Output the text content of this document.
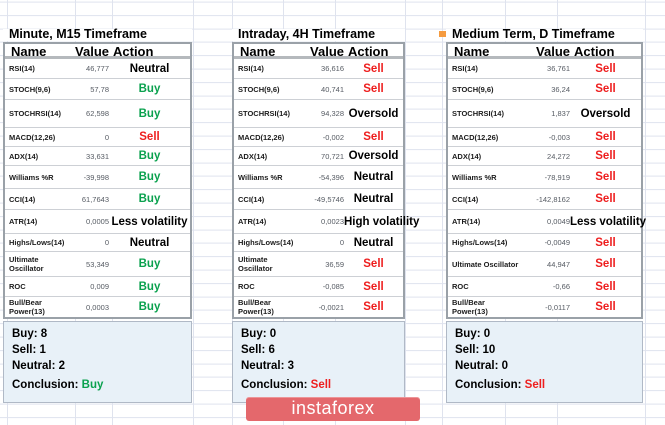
Minute, M15 Timeframe
Name	Value Action
RSI(14)	46,777	Neutral
STOCH(9,6)	57,78	Buy
STOCHRSI(14)	62,598	Buy
MACD(12,26)	0	Sell
ADX(14)	33,631	Buy
Williams %R	-39,998	Buy
CCI(14)	61,7643	Buy
ATR(14)	0,0005 Less volatility
Highs/Lows(14)	0	Neutral
Ultimate Oscillator	53,349	Buy
ROC	0,009	Buy
Bull/Bear Power(13)	0,0003	Buy
Buy: 8
Sell: 1
Neutral: 2
Conclusion: Buy
Intraday, 4H Timeframe
Name	Value Action
RSI(14)	36,616	Sell
STOCH(9,6)	40,741	Sell
STOCHRSI(14)	94,328 Oversold
MACD(12,26)	-0,002	Sell
ADX(14)	70,721 Oversold
Williams %R	-54,396 Neutral
CCI(14)	-49,5746 Neutral
ATR(14)	0,0023 High volatility
Highs/Lows(14)	0 Neutral
Ultimate Oscillator	36,59	Sell
ROC	-0,085	Sell
Bull/Bear Power(13)	-0,0021	Sell
Buy: 0
Sell: 6
Neutral: 3
Conclusion: Sell
Medium Term, D Timeframe
Name	Value Action
RSI(14)	36,761	Sell
STOCH(9,6)	36,24	Sell
STOCHRSI(14)	1,837 Oversold
MACD(12,26)	-0,003	Sell
ADX(14)	24,272	Sell
Williams %R	-78,919	Sell
CCI(14)	-142,8162	Sell
ATR(14)	0,0049 Less volatility
Highs/Lows(14)	-0,0049	Sell
Ultimate Oscillator	44,947	Sell
ROC	-0,66	Sell
Bull/Bear Power(13)	-0,0117	Sell
Buy: 0
Sell: 10
Neutral: 0
Conclusion: Sell
instaforex
